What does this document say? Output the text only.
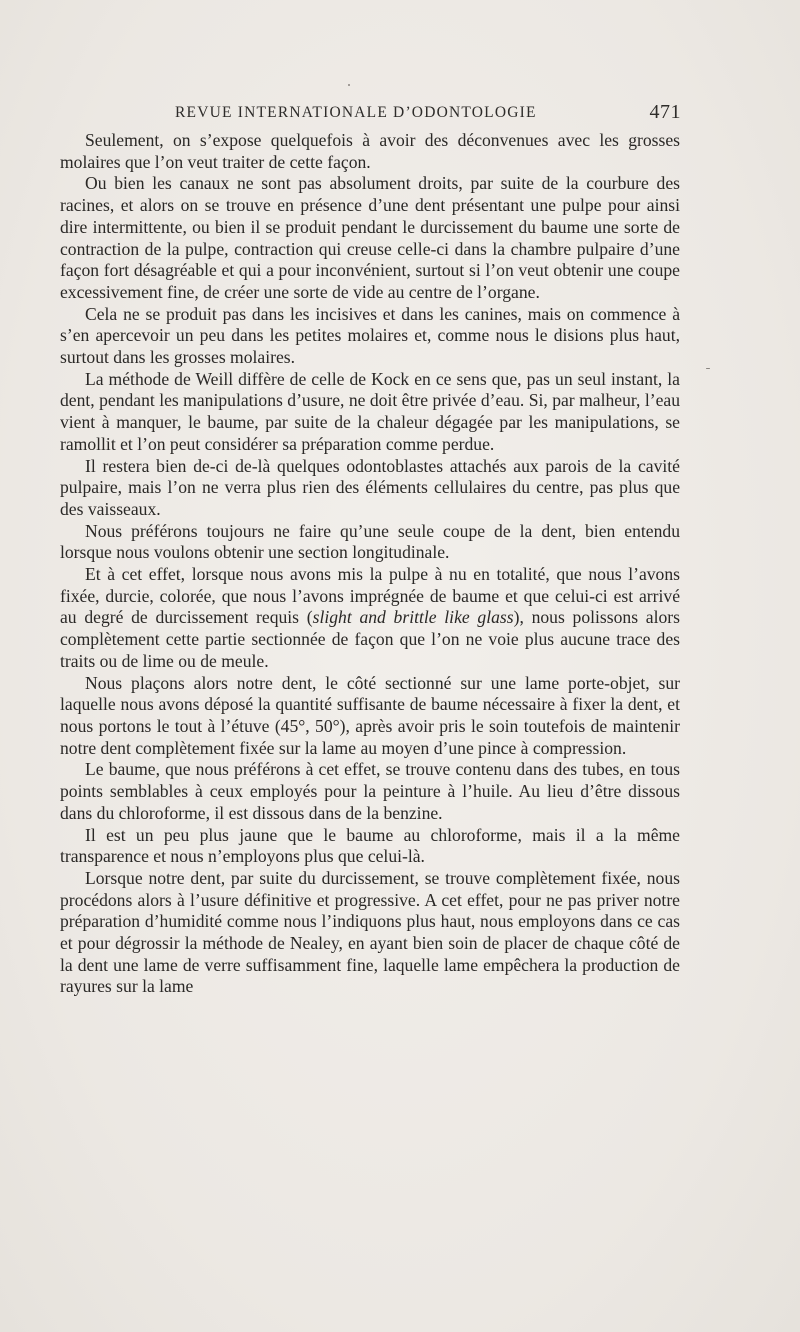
REVUE INTERNATIONALE D’ODONTOLOGIE	471

Seulement, on s’expose quelquefois à avoir des déconvenues avec les grosses molaires que l’on veut traiter de cette façon.

Ou bien les canaux ne sont pas absolument droits, par suite de la courbure des racines, et alors on se trouve en présence d’une dent présentant une pulpe pour ainsi dire intermittente, ou bien il se produit pendant le durcissement du baume une sorte de contraction de la pulpe, contraction qui creuse celle-ci dans la chambre pulpaire d’une façon fort désagréable et qui a pour inconvénient, surtout si l’on veut obtenir une coupe excessivement fine, de créer une sorte de vide au centre de l’organe.

Cela ne se produit pas dans les incisives et dans les canines, mais on commence à s’en apercevoir un peu dans les petites molaires et, comme nous le disions plus haut, surtout dans les grosses molaires.

La méthode de Weill diffère de celle de Kock en ce sens que, pas un seul instant, la dent, pendant les manipulations d’usure, ne doit être privée d’eau. Si, par malheur, l’eau vient à manquer, le baume, par suite de la chaleur dégagée par les manipulations, se ramollit et l’on peut considérer sa préparation comme perdue.

Il restera bien de-ci de-là quelques odontoblastes attachés aux parois de la cavité pulpaire, mais l’on ne verra plus rien des éléments cellulaires du centre, pas plus que des vaisseaux.

Nous préférons toujours ne faire qu’une seule coupe de la dent, bien entendu lorsque nous voulons obtenir une section longitudinale.

Et à cet effet, lorsque nous avons mis la pulpe à nu en totalité, que nous l’avons fixée, durcie, colorée, que nous l’avons imprégnée de baume et que celui-ci est arrivé au degré de durcissement requis (slight and brittle like glass), nous polissons alors complètement cette partie sectionnée de façon que l’on ne voie plus aucune trace des traits ou de lime ou de meule.

Nous plaçons alors notre dent, le côté sectionné sur une lame porte-objet, sur laquelle nous avons déposé la quantité suffisante de baume nécessaire à fixer la dent, et nous portons le tout à l’étuve (45°, 50°), après avoir pris le soin toutefois de maintenir notre dent complètement fixée sur la lame au moyen d’une pince à compression.

Le baume, que nous préférons à cet effet, se trouve contenu dans des tubes, en tous points semblables à ceux employés pour la peinture à l’huile. Au lieu d’être dissous dans du chloroforme, il est dissous dans de la benzine.

Il est un peu plus jaune que le baume au chloroforme, mais il a la même transparence et nous n’employons plus que celui-là.

Lorsque notre dent, par suite du durcissement, se trouve complètement fixée, nous procédons alors à l’usure définitive et progressive. A cet effet, pour ne pas priver notre préparation d’humidité comme nous l’indiquons plus haut, nous employons dans ce cas et pour dégrossir la méthode de Nealey, en ayant bien soin de placer de chaque côté de la dent une lame de verre suffisamment fine, laquelle lame empêchera la production de rayures sur la lame
